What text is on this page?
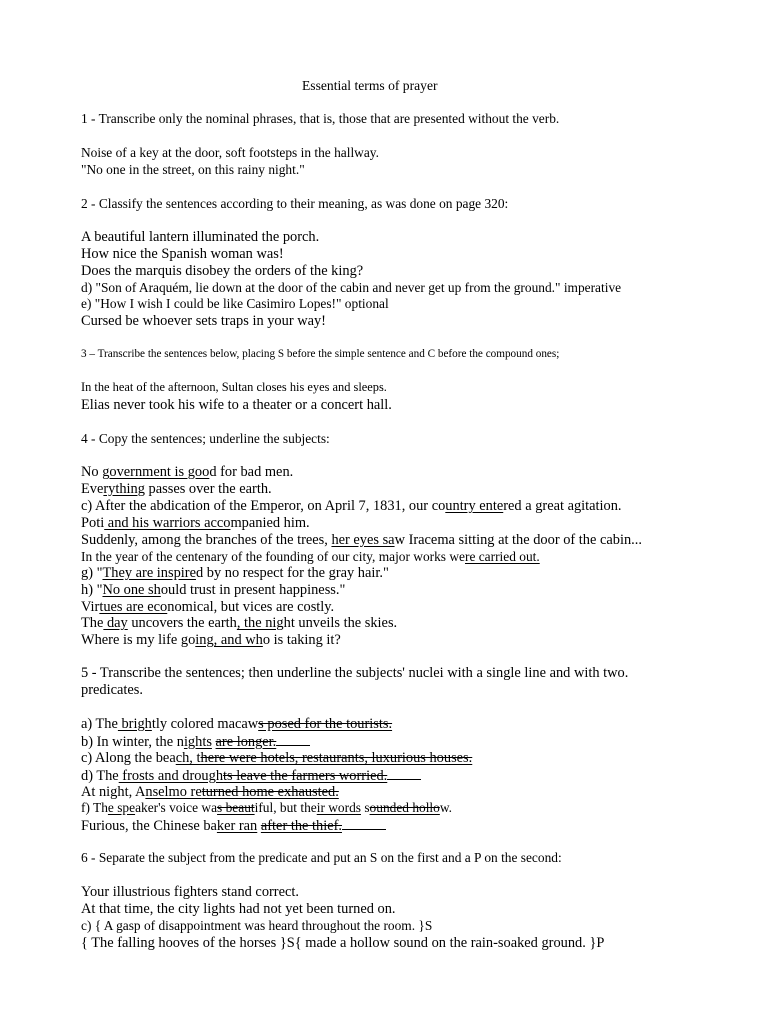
Essential terms of prayer
1 - Transcribe only the nominal phrases, that is, those that are presented without the verb.
Noise of a key at the door, soft footsteps in the hallway.
"No one in the street, on this rainy night."
2 - Classify the sentences according to their meaning, as was done on page 320:
A beautiful lantern illuminated the porch.
How nice the Spanish woman was!
Does the marquis disobey the orders of the king?
d) "Son of Araquém, lie down at the door of the cabin and never get up from the ground." imperative
e) "How I wish I could be like Casimiro Lopes!" optional
Cursed be whoever sets traps in your way!
3 – Transcribe the sentences below, placing S before the simple sentence and C before the compound ones;
In the heat of the afternoon, Sultan closes his eyes and sleeps.
Elias never took his wife to a theater or a concert hall.
4 - Copy the sentences; underline the subjects:
No government is good for bad men.
Everything passes over the earth.
c) After the abdication of the Emperor, on April 7, 1831, our country entered a great agitation.
Poti and his warriors accompanied him.
Suddenly, among the branches of the trees, her eyes saw Iracema sitting at the door of the cabin...
In the year of the centenary of the founding of our city, major works were carried out.
g) "They are inspired by no respect for the gray hair."
h) "No one should trust in present happiness."
Virtues are economical, but vices are costly.
The day uncovers the earth, the night unveils the skies.
Where is my life going, and who is taking it?
5 - Transcribe the sentences; then underline the subjects' nuclei with a single line and with two.
predicates.
a) The brightly colored macaws posed for the tourists.
b) In winter, the nights are longer.
c) Along the beach, there were hotels, restaurants, luxurious houses.
d) The frosts and droughts leave the farmers worried.
At night, Anselmo returned home exhausted.
f) The speaker's voice was beautiful, but their words sounded hollow.
Furious, the Chinese baker ran after the thief.
6 - Separate the subject from the predicate and put an S on the first and a P on the second:
Your illustrious fighters stand correct.
At that time, the city lights had not yet been turned on.
c) { A gasp of disappointment was heard throughout the room. }S
{ The falling hooves of the horses }S{ made a hollow sound on the rain-soaked ground. }P
